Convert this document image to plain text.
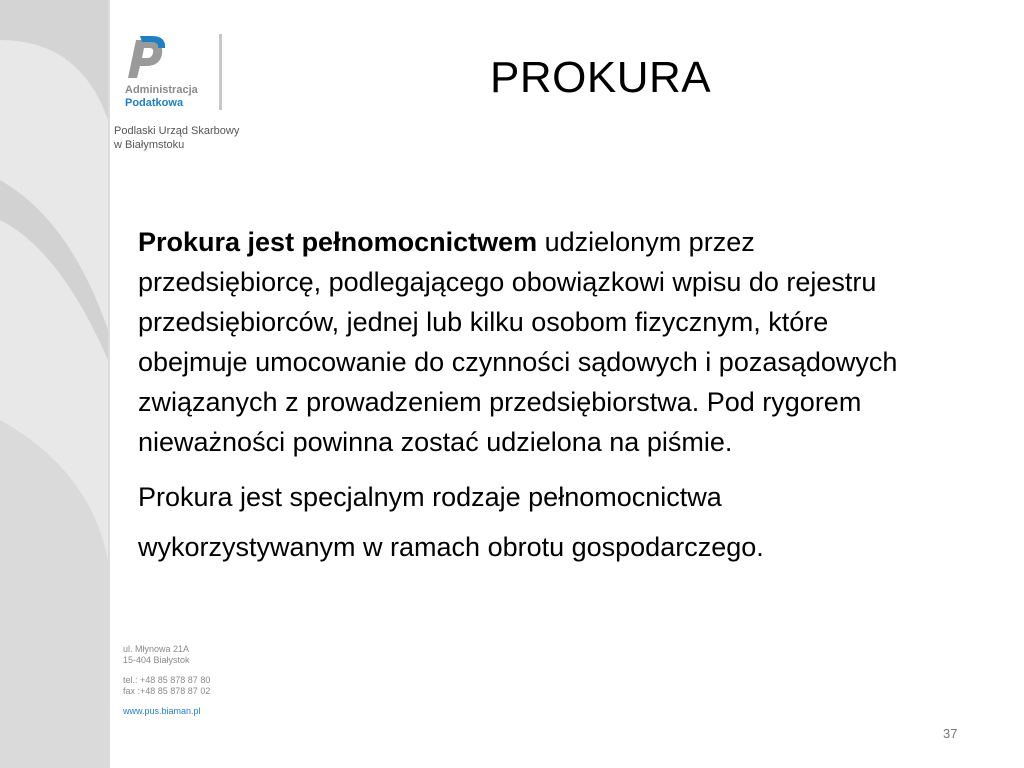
Administracja
Podatkowa
Podlaski Urząd Skarbowy
w Białymstoku
PROKURA

Prokura jest pełnomocnictwem udzielonym przez przedsiębiorcę, podlegającego obowiązkowi wpisu do rejestru przedsiębiorców, jednej lub kilku osobom fizycznym, które obejmuje umocowanie do czynności sądowych i pozasądowych związanych z prowadzeniem przedsiębiorstwa. Pod rygorem nieważności powinna zostać udzielona na piśmie.

Prokura jest specjalnym rodzaje pełnomocnictwa wykorzystywanym w ramach obrotu gospodarczego.

ul. Młynowa 21A
15-404 Białystok
tel.: +48 85 878 87 80
fax :+48 85 878 87 02
www.pus.biaman.pl
37
